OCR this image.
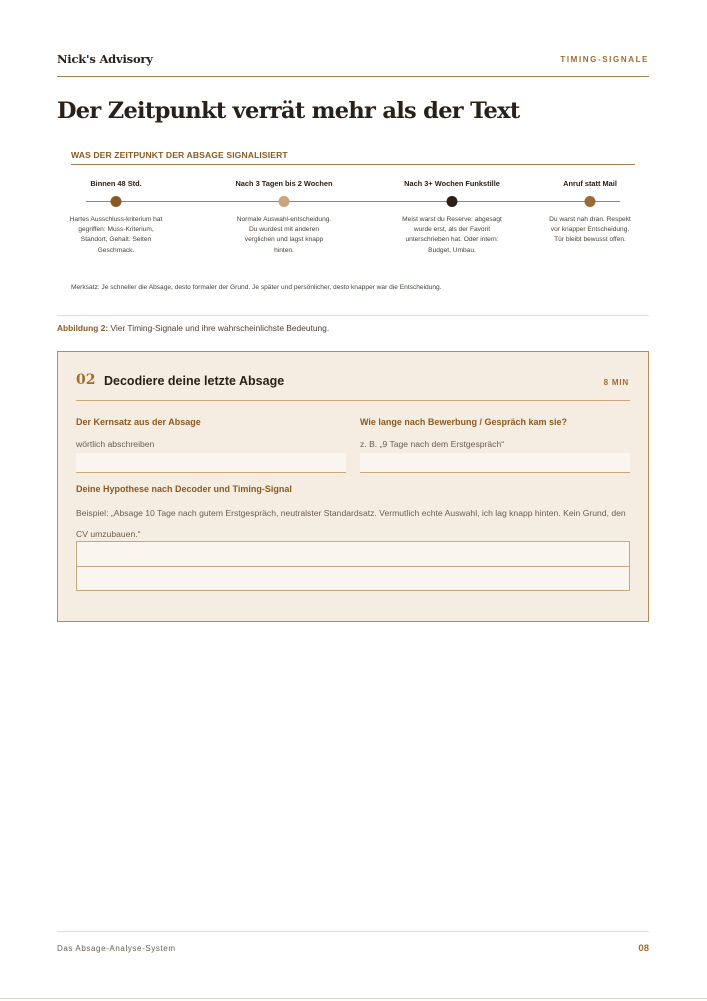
Nick's Advisory	TIMING-SIGNALE
Der Zeitpunkt verrät mehr als der Text
WAS DER ZEITPUNKT DER ABSAGE SIGNALISIERT
Binnen 48 Std.	Nach 3 Tagen bis 2 Wochen	Nach 3+ Wochen Funkstille	Anruf statt Mail
Hartes Ausschluss-kriterium hat gegriffen: Muss-Kriterium, Standort, Gehalt. Selten Geschmack.
Normale Auswahl-entscheidung. Du wurdest mit anderen verglichen und lagst knapp hinten.
Meist warst du Reserve: abgesagt wurde erst, als der Favorit unterschrieben hat. Oder intern: Budget, Umbau.
Du warst nah dran. Respekt vor knapper Entscheidung. Tür bleibt bewusst offen.
Merksatz: Je schneller die Absage, desto formaler der Grund. Je später und persönlicher, desto knapper war die Entscheidung.
Abbildung 2: Vier Timing-Signale und ihre wahrscheinlichste Bedeutung.
02 Decodiere deine letzte Absage	8 MIN
Der Kernsatz aus der Absage
wörtlich abschreiben
Wie lange nach Bewerbung / Gespräch kam sie?
z. B. „9 Tage nach dem Erstgespräch“
Deine Hypothese nach Decoder und Timing-Signal
Beispiel: „Absage 10 Tage nach gutem Erstgespräch, neutralster Standardsatz. Vermutlich echte Auswahl, ich lag knapp hinten. Kein Grund, den CV umzubauen.“
Das Absage-Analyse-System	08
